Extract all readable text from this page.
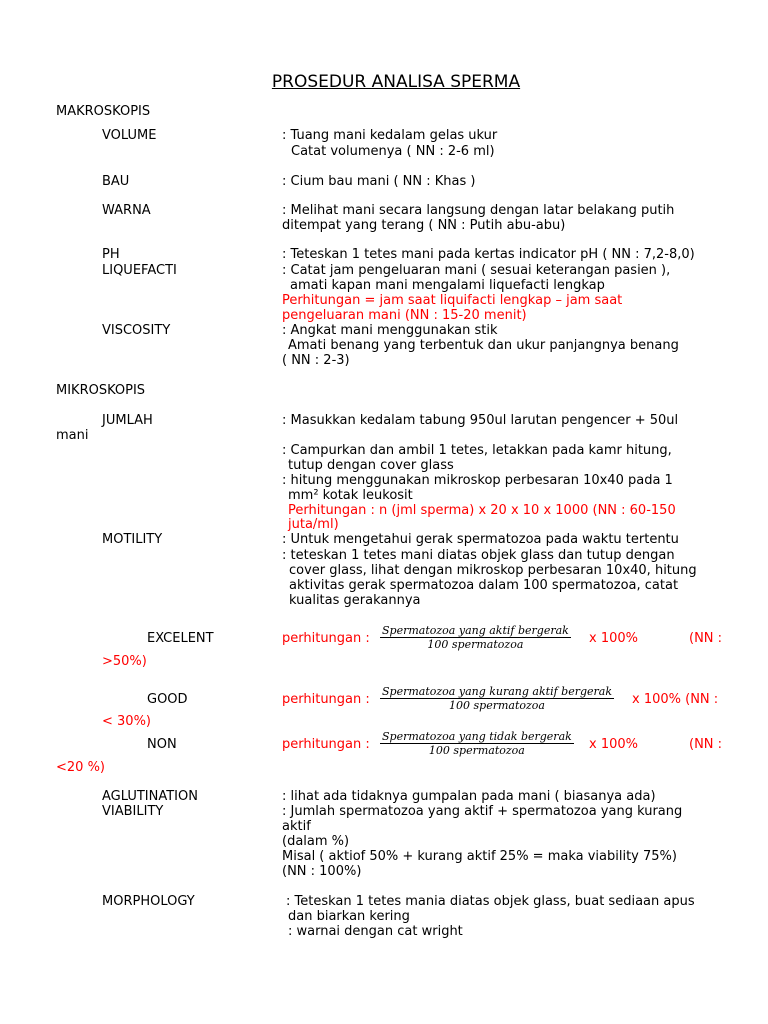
PROSEDUR ANALISA SPERMA
MAKROSKOPIS
VOLUME	: Tuang mani kedalam gelas ukur
Catat volumenya ( NN : 2-6 ml)
BAU	: Cium bau mani ( NN : Khas )
WARNA	: Melihat mani secara langsung dengan latar belakang putih
ditempat yang terang ( NN : Putih abu-abu)
PH	: Teteskan 1 tetes mani pada kertas indicator pH ( NN : 7,2-8,0)
LIQUEFACTI	: Catat jam pengeluaran mani ( sesuai keterangan pasien ),
amati kapan mani mengalami liquefacti lengkap
Perhitungan = jam saat liquifacti lengkap – jam saat
pengeluaran mani (NN : 15-20 menit)
VISCOSITY	: Angkat mani menggunakan stik
Amati benang yang terbentuk dan ukur panjangnya benang
( NN : 2-3)
MIKROSKOPIS
JUMLAH	: Masukkan kedalam tabung 950ul larutan pengencer + 50ul
mani
: Campurkan dan ambil 1 tetes, letakkan pada kamr hitung,
tutup dengan cover glass
: hitung menggunakan mikroskop perbesaran 10x40 pada 1
mm² kotak leukosit
Perhitungan : n (jml sperma) x 20 x 10 x 1000 (NN : 60-150
juta/ml)
MOTILITY	: Untuk mengetahui gerak spermatozoa pada waktu tertentu
: teteskan 1 tetes mani diatas objek glass dan tutup dengan
cover glass, lihat dengan mikroskop perbesaran 10x40, hitung
aktivitas gerak spermatozoa dalam 100 spermatozoa, catat
kualitas gerakannya
EXCELENT	perhitungan :
Spermatozoa yang aktif bergerak
100 spermatozoa	x 100%	(NN :
>50%)
GOOD	perhitungan :
Spermatozoa yang kurang aktif bergerak
100 spermatozoa	x 100% (NN :
< 30%)
NON	perhitungan :
Spermatozoa yang tidak bergerak
100 spermatozoa	x 100%	(NN :
<20 %)
AGLUTINATION	: lihat ada tidaknya gumpalan pada mani ( biasanya ada)
VIABILITY	: Jumlah spermatozoa yang aktif + spermatozoa yang kurang
aktif
(dalam %)
Misal ( aktiof 50% + kurang aktif 25% = maka viability 75%)
(NN : 100%)
MORPHOLOGY	: Teteskan 1 tetes mania diatas objek glass, buat sediaan apus
dan biarkan kering
: warnai dengan cat wright
